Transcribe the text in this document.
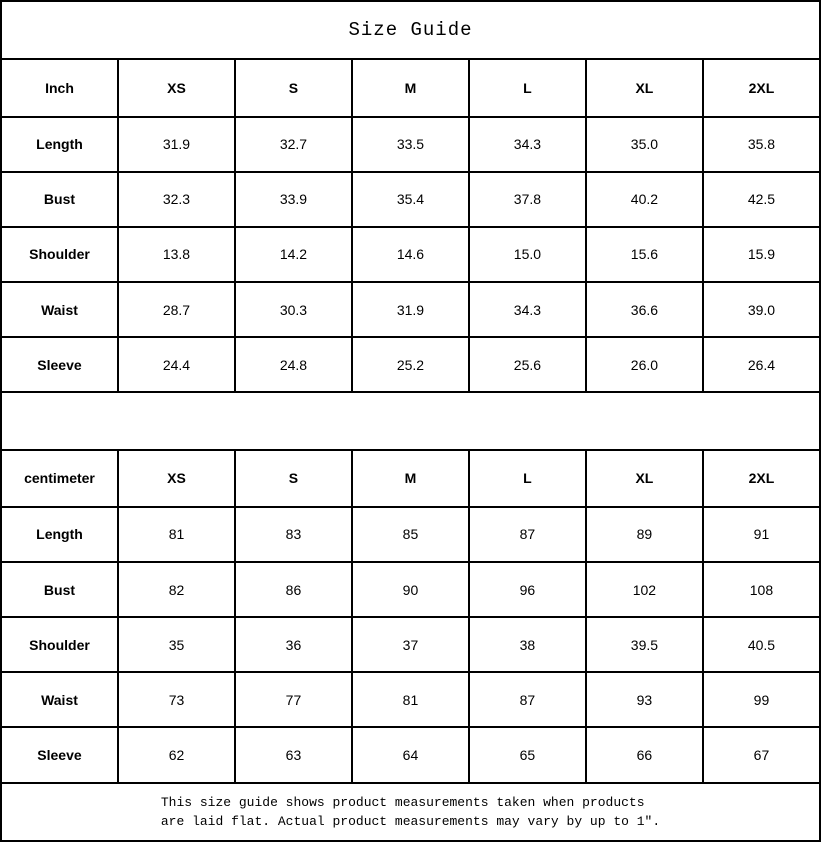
Size Guide						
Inch	XS	S	M	L	XL	2XL
Length	31.9	32.7	33.5	34.3	35.0	35.8
Bust	32.3	33.9	35.4	37.8	40.2	42.5
Shoulder	13.8	14.2	14.6	15.0	15.6	15.9
Waist	28.7	30.3	31.9	34.3	36.6	39.0
Sleeve	24.4	24.8	25.2	25.6	26.0	26.4

centimeter	XS	S	M	L	XL	2XL
Length	81	83	85	87	89	91
Bust	82	86	90	96	102	108
Shoulder	35	36	37	38	39.5	40.5
Waist	73	77	81	87	93	99
Sleeve	62	63	64	65	66	67

This size guide shows product measurements taken when products
are laid flat. Actual product measurements may vary by up to 1″.						
